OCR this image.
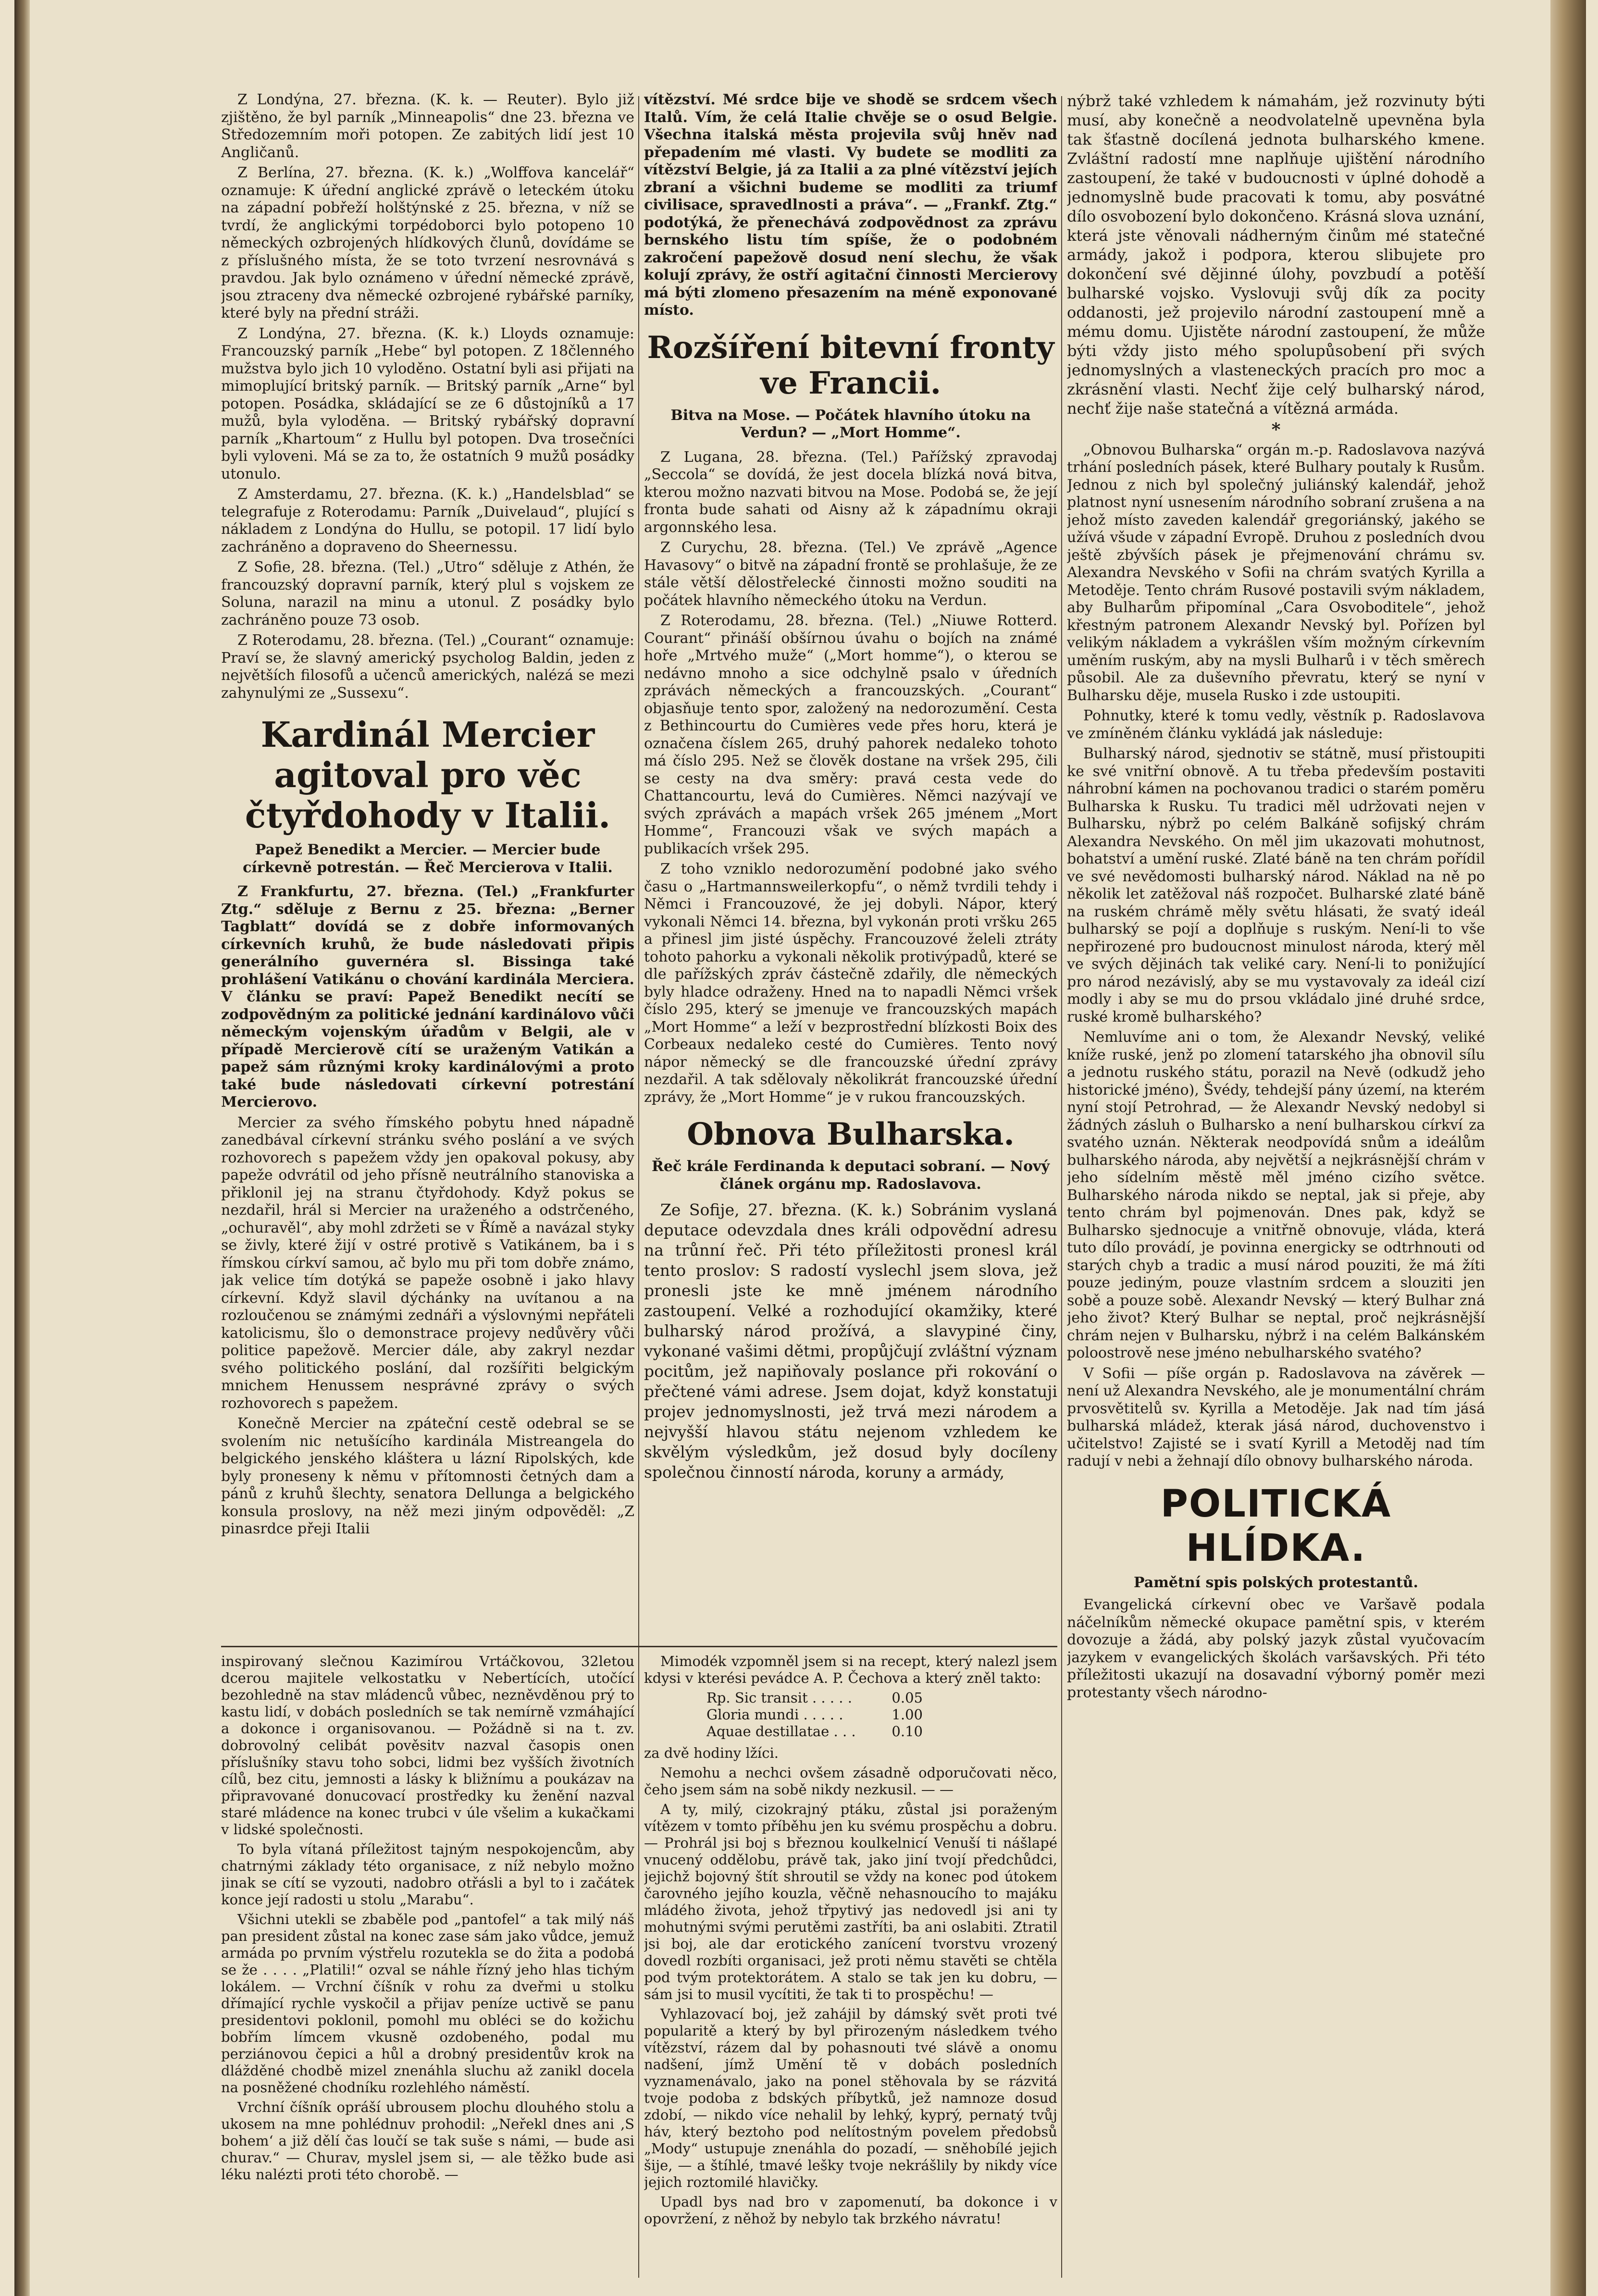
Z Londýna, 27. března. (K. k. — Reuter). Bylo již zjištěno, že byl parník „Minneapolis“ dne 23. března ve Středozemním moři potopen. Ze zabitých lidí jest 10 Angličanů.

Z Berlína, 27. března. (K. k.) „Wolffova kancelář“ oznamuje: K úřední anglické zprávě o leteckém útoku na západní pobřeží holštýnské z 25. března, v níž se tvrdí, že anglickými torpédoborci bylo potopeno 10 německých ozbrojených hlídkových člunů, dovídáme se z příslušného místa, že se toto tvrzení nesrovnává s pravdou. Jak bylo oznámeno v úřední německé zprávě, jsou ztraceny dva německé ozbrojené rybářské parníky, které byly na přední stráži.

Z Londýna, 27. března. (K. k.) Lloyds oznamuje: Francouzský parník „Hebe“ byl potopen. Z 18členného mužstva bylo jich 10 vyloděno. Ostatní byli asi přijati na mimoplující britský parník. — Britský parník „Arne“ byl potopen. Posádka, skládající se ze 6 důstojníků a 17 mužů, byla vyloděna. — Britský rybářský dopravní parník „Khartoum“ z Hullu byl potopen. Dva trosečníci byli vyloveni. Má se za to, že ostatních 9 mužů posádky utonulo.

Z Amsterdamu, 27. března. (K. k.) „Handelsblad“ se telegrafuje z Roterodamu: Parník „Duivelaud“, plující s nákladem z Londýna do Hullu, se potopil. 17 lidí bylo zachráněno a dopraveno do Sheernessu.

Z Sofie, 28. března. (Tel.) „Utro“ sděluje z Athén, že francouzský dopravní parník, který plul s vojskem ze Soluna, narazil na minu a utonul. Z posádky bylo zachráněno pouze 73 osob.

Z Roterodamu, 28. března. (Tel.) „Courant“ oznamuje: Praví se, že slavný americký psycholog Baldin, jeden z největších filosofů a učenců amerických, nalézá se mezi zahynulými ze „Sussexu“.

Kardinál Mercier agitoval pro věc čtyřdohody v Italii.

Papež Benedikt a Mercier. — Mercier bude církevně potrestán. — Řeč Mercierova v Italii.

Z Frankfurtu, 27. března. (Tel.) „Frankfurter Ztg.“ sděluje z Bernu z 25. března: „Berner Tagblatt“ dovídá se z dobře informovaných církevních kruhů, že bude následovati připis generálního guvernéra sl. Bissinga také prohlášení Vatikánu o chování kardinála Merciera. V článku se praví: Papež Benedikt necítí se zodpovědným za politické jednání kardinálovo vůči německým vojenským úřadům v Belgii, ale v případě Mercierově cítí se uraženým Vatikán a papež sám různými kroky kardinálovými a proto také bude následovati církevní potrestání Mercierovo.

Mercier za svého římského pobytu hned nápadně zanedbával církevní stránku svého poslání a ve svých rozhovorech s papežem vždy jen opakoval pokusy, aby papeže odvrátil od jeho přísně neutrálního stanoviska a přiklonil jej na stranu čtyřdohody. Když pokus se nezdařil, hrál si Mercier na uraženého a odstrčeného, „ochuravěl“, aby mohl zdržeti se v Římě a navázal styky se živly, které žijí v ostré protivě s Vatikánem, ba i s římskou církví samou, ač bylo mu při tom dobře známo, jak velice tím dotýká se papeže osobně i jako hlavy církevní. Když slavil dýchánky na uvítanou a na rozloučenou se známými zednáři a výslovnými nepřáteli katolicismu, šlo o demonstrace projevy nedůvěry vůči politice papežově. Mercier dále, aby zakryl nezdar svého politického poslání, dal rozšířiti belgickým mnichem Henussem nesprávné zprávy o svých rozhovorech s papežem.

Konečně Mercier na zpáteční cestě odebral se se svolením nic netušícího kardinála Mistreangela do belgického jenského kláštera u lázní Ripolských, kde byly proneseny k němu v přítomnosti četných dam a pánů z kruhů šlechty, senatora Dellunga a belgického konsula proslovy, na něž mezi jiným odpověděl: „Z pinasrdce přeji Italii

vítězství. Mé srdce bije ve shodě se srdcem všech Italů. Vím, že celá Italie chvěje se o osud Belgie. Všechna italská města projevila svůj hněv nad přepadením mé vlasti. Vy budete se modliti za vítězství Belgie, já za Italii a za plné vítězství jejích zbraní a všichni budeme se modliti za triumf civilisace, spravedlnosti a práva“. — „Frankf. Ztg.“ podotýká, že přenechává zodpovědnost za zprávu bernského listu tím spíše, že o podobném zakročení papežově dosud není slechu, že však kolují zprávy, že ostří agitační činnosti Mercierovy má býti zlomeno přesazením na méně exponované místo.

Rozšíření bitevní fronty ve Francii.

Bitva na Mose. — Počátek hlavního útoku na Verdun? — „Mort Homme“.

Z Lugana, 28. března. (Tel.) Pařížský zpravodaj „Seccola“ se dovídá, že jest docela blízká nová bitva, kterou možno nazvati bitvou na Mose. Podobá se, že její fronta bude sahati od Aisny až k západnímu okraji argonnského lesa.

Z Curychu, 28. března. (Tel.) Ve zprávě „Agence Havasovy“ o bitvě na západní frontě se prohlašuje, že ze stále větší dělostřelecké činnosti možno souditi na počátek hlavního německého útoku na Verdun.

Z Roterodamu, 28. března. (Tel.) „Niuwe Rotterd. Courant“ přináší obšírnou úvahu o bojích na známé hoře „Mrtvého muže“ („Mort homme“), o kterou se nedávno mnoho a sice odchylně psalo v úředních zprávách německých a francouzských. „Courant“ objasňuje tento spor, založený na nedorozumění. Cesta z Bethincourtu do Cumières vede přes horu, která je označena číslem 265, druhý pahorek nedaleko tohoto má číslo 295. Než se člověk dostane na vršek 295, čili se cesty na dva směry: pravá cesta vede do Chattancourtu, levá do Cumières. Němci nazývají ve svých zprávách a mapách vršek 265 jménem „Mort Homme“, Francouzi však ve svých mapách a publikacích vršek 295.

Z toho vzniklo nedorozumění podobné jako svého času o „Hartmannsweilerkopfu“, o němž tvrdili tehdy i Němci i Francouzové, že jej dobyli. Nápor, který vykonali Němci 14. března, byl vykonán proti vršku 265 a přinesl jim jisté úspěchy. Francouzové želeli ztráty tohoto pahorku a vykonali několik protivýpadů, které se dle pařížských zpráv částečně zdařily, dle německých byly hladce odraženy. Hned na to napadli Němci vršek číslo 295, který se jmenuje ve francouzských mapách „Mort Homme“ a leží v bezprostřední blízkosti Boix des Corbeaux nedaleko cesté do Cumières. Tento nový nápor německý se dle francouzské úřední zprávy nezdařil. A tak sdělovaly několikrát francouzské úřední zprávy, že „Mort Homme“ je v rukou francouzských.

Obnova Bulharska.

Řeč krále Ferdinanda k deputaci sobraní. — Nový článek orgánu mp. Radoslavova.

Ze Sofije, 27. března. (K. k.) Sobránim vyslaná deputace odevzdala dnes králi odpovědní adresu na trůnní řeč. Při této příležitosti pronesl král tento proslov: S radostí vyslechl jsem slova, jež pronesli jste ke mně jménem národního zastoupení. Velké a rozhodující okamžiky, které bulharský národ prožívá, a slavypiné činy, vykonané vašimi dětmi, propůjčují zvláštní význam pocitům, jež napiňovaly poslance při rokování o přečtené vámi adrese. Jsem dojat, když konstatuji projev jednomyslnosti, jež trvá mezi národem a nejvyšší hlavou státu nejenom vzhledem ke skvělým výsledkům, jež dosud byly docíleny společnou činností národa, koruny a armády,

nýbrž také vzhledem k námahám, jež rozvinuty býti musí, aby konečně a neodvolatelně upevněna byla tak šťastně docílená jednota bulharského kmene. Zvláštní radostí mne naplňuje ujištění národního zastoupení, že také v budoucnosti v úplné dohodě a jednomyslně bude pracovati k tomu, aby posvátné dílo osvobození bylo dokončeno. Krásná slova uznání, která jste věnovali nádherným činům mé statečné armády, jakož i podpora, kterou slibujete pro dokončení své dějinné úlohy, povzbudí a potěší bulharské vojsko. Vyslovuji svůj dík za pocity oddanosti, jež projevilo národní zastoupení mně a mému domu. Ujistěte národní zastoupení, že může býti vždy jisto mého spolupůsobení při svých jednomyslných a vlasteneckých pracích pro moc a zkrásnění vlasti. Nechť žije celý bulharský národ, nechť žije naše statečná a vítězná armáda.

*

„Obnovou Bulharska“ orgán m.-p. Radoslavova nazývá trhání posledních pásek, které Bulhary poutaly k Rusům. Jednou z nich byl společný juliánský kalendář, jehož platnost nyní usnesením národního sobraní zrušena a na jehož místo zaveden kalendář gregoriánský, jakého se užívá všude v západní Evropě. Druhou z posledních dvou ještě zbývších pásek je přejmenování chrámu sv. Alexandra Nevského v Sofii na chrám svatých Kyrilla a Metoděje. Tento chrám Rusové postavili svým nákladem, aby Bulharům připomínal „Cara Osvoboditele“, jehož křestným patronem Alexandr Nevský byl. Pořízen byl velikým nákladem a vykrášlen vším možným církevním uměním ruským, aby na mysli Bulharů i v těch směrech působil. Ale za duševního převratu, který se nyní v Bulharsku děje, musela Rusko i zde ustoupiti.

Pohnutky, které k tomu vedly, věstník p. Radoslavova ve zmíněném článku vykládá jak následuje:

Bulharský národ, sjednotiv se státně, musí přistoupiti ke své vnitřní obnově. A tu třeba především postaviti náhrobní kámen na pochovanou tradici o starém poměru Bulharska k Rusku. Tu tradici měl udržovati nejen v Bulharsku, nýbrž po celém Balkáně sofijský chrám Alexandra Nevského. On měl jim ukazovati mohutnost, bohatství a umění ruské. Zlaté báně na ten chrám pořídil ve své nevědomosti bulharský národ. Náklad na ně po několik let zatěžoval náš rozpočet. Bulharské zlaté báně na ruském chrámě měly světu hlásati, že svatý ideál bulharský se pojí a doplňuje s ruským. Není-li to vše nepřirozené pro budoucnost minulost národa, který měl ve svých dějinách tak veliké cary. Není-li to ponižující pro národ nezávislý, aby se mu vystavovaly za ideál cizí modly i aby se mu do prsou vkládalo jiné druhé srdce, ruské kromě bulharského?

Nemluvíme ani o tom, že Alexandr Nevský, veliké kníže ruské, jenž po zlomení tatarského jha obnovil sílu a jednotu ruského státu, porazil na Nevě (odkudž jeho historické jméno), Švédy, tehdejší pány území, na kterém nyní stojí Petrohrad, — že Alexandr Nevský nedobyl si žádných zásluh o Bulharsko a není bulharskou církví za svatého uznán. Některak neodpovídá snům a ideálům bulharského národa, aby největší a nejkrásnější chrám v jeho sídelním městě měl jméno cizího světce. Bulharského národa nikdo se neptal, jak si přeje, aby tento chrám byl pojmenován. Dnes pak, když se Bulharsko sjednocuje a vnitřně obnovuje, vláda, která tuto dílo provádí, je povinna energicky se odtrhnouti od starých chyb a tradic a musí národ pouziti, že má žíti pouze jediným, pouze vlastním srdcem a slouziti jen sobě a pouze sobě. Alexandr Nevský — který Bulhar zná jeho život? Který Bulhar se neptal, proč nejkrásnější chrám nejen v Bulharsku, nýbrž i na celém Balkánském poloostrově nese jméno nebulharského svatého?

V Sofii — píše orgán p. Radoslavova na závěrek — není už Alexandra Nevského, ale je monumentální chrám prvosvětitelů sv. Kyrilla a Metoděje. Jak nad tím jásá bulharská mládež, kterak jásá národ, duchovenstvo i učitelstvo! Zajisté se i svatí Kyrill a Metoděj nad tím radují v nebi a žehnají dílo obnovy bulharského národa.

POLITICKÁ HLÍDKA.

Pamětní spis polských protestantů.

Evangelická církevní obec ve Varšavě podala náčelníkům německé okupace pamětní spis, v kterém dovozuje a žádá, aby polský jazyk zůstal vyučovacím jazykem v evangelických školách varšavských. Při této příležitosti ukazují na dosavadní výborný poměr mezi protestanty všech národno-

inspirovaný slečnou Kazimírou Vrtáčkovou, 32letou dcerou majitele velkostatku v Nebertících, utočící bezohledně na stav mládenců vůbec, nezněvděnou prý to kastu lidí, v dobách posledních se tak nemírně vzmáhající a dokonce i organisovanou. — Požádně si na t. zv. dobrovolný celibát pověsitv nazval časopis onen příslušníky stavu toho sobci, lidmi bez vyšších životních cílů, bez citu, jemnosti a lásky k bližnímu a poukázav na připravované donucovací prostředky ku ženění nazval staré mládence na konec trubci v úle všelim a kukačkami v lidské společnosti.

To byla vítaná příležitost tajným nespokojencům, aby chatrnými základy této organisace, z níž nebylo možno jinak se cítí se vyzouti, nadobro otřásli a byl to i začátek konce její radosti u stolu „Marabu“.

Všichni utekli se zbaběle pod „pantofel“ a tak milý náš pan president zůstal na konec zase sám jako vůdce, jemuž armáda po prvním výstřelu rozutekla se do žita a podobá se že . . . . „Platili!“ ozval se náhle řízný jeho hlas tichým lokálem. — Vrchní číšník v rohu za dveřmi u stolku dřímající rychle vyskočil a přijav peníze uctivě se panu presidentovi poklonil, pomohl mu obléci se do kožichu bobřím límcem vkusně ozdobeného, podal mu perziánovou čepici a hůl a drobný presidentův krok na dlážděné chodbě mizel znenáhla sluchu až zanikl docela na posněžené chodníku rozlehlého náměstí.

Vrchní číšník opráší ubrousem plochu dlouhého stolu a ukosem na mne pohlédnuv prohodil: „Neřekl dnes ani ‚S bohem‘ a již dělí čas loučí se tak suše s námi, — bude asi churav.“ — Churav, myslel jsem si, — ale těžko bude asi léku nalézti proti této chorobě. —

Mimodék vzpomněl jsem si na recept, který nalezl jsem kdysi v kterési pevádce A. P. Čechova a který zněl takto:

Rp. Sic transit . . . . .	0.05
Gloria mundi . . . . .	1.00
Aquae destillatae . . .	0.10

za dvě hodiny lžíci.

Nemohu a nechci ovšem zásadně odporučovati něco, čeho jsem sám na sobě nikdy nezkusil. — —

A ty, milý, cizokrajný ptáku, zůstal jsi poraženým vítězem v tomto příběhu jen ku svému prospěchu a dobru. — Prohrál jsi boj s březnou koulkelnicí Venuší ti nášlapé vnucený oddělobu, právě tak, jako jiní tvojí předchůdci, jejichž bojovný štít shroutil se vždy na konec pod útokem čarovného jejího kouzla, věčně nehasnoucího to majáku mládého života, jehož třpytivý jas nedovedl jsi ani ty mohutnými svými perutěmi zastříti, ba ani oslabiti. Ztratil jsi boj, ale dar erotického zanícení tvorstvu vrozený dovedl rozbíti organisaci, jež proti němu stavěti se chtěla pod tvým protektorátem. A stalo se tak jen ku dobru, — sám jsi to musil vycítiti, že tak ti to prospěchu! —

Vyhlazovací boj, jež zahájil by dámský svět proti tvé popularitě a který by byl přirozeným následkem tvého vítězství, rázem dal by pohasnouti tvé slávě a onomu nadšení, jímž Umění tě v dobách posledních vyznamenávalo, jako na ponel stěhovala by se rázvitá tvoje podoba z bdských příbytků, jež namnoze dosud zdobí, — nikdo více nehalil by lehký, kyprý, pernatý tvůj háv, který beztoho pod nelítostným povelem předobsů „Mody“ ustupuje znenáhla do pozadí, — sněhobílé jejich šije, — a štíhlé, tmavé lešky tvoje nekrášlily by nikdy více jejich roztomilé hlavičky.

Upadl bys nad bro v zapomenutí, ba dokonce i v opovržení, z něhož by nebylo tak brzkého návratu!
